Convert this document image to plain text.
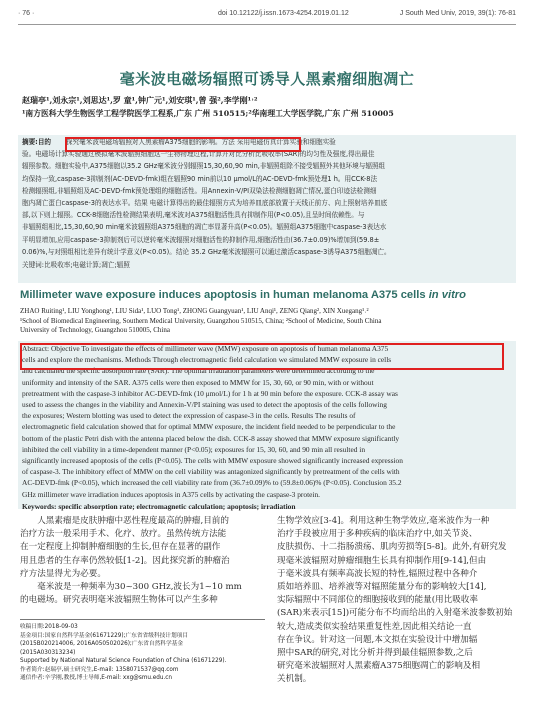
· 76 ·	doi 10.12122/j.issn.1673-4254.2019.01.12	J South Med Univ, 2019, 39(1): 76-81
毫米波电磁场辐照可诱导人黑素瘤细胞凋亡
赵瑞亭¹,刘永宗¹,刘思达¹,罗 童¹,钟广元¹,刘安琪¹,曾 强²,李学刚¹˒²
¹南方医科大学生物医学工程学院医学工程系,广东 广州 510515;²华南理工大学医学院,广东 广州 510005
摘要:目的	探究毫米波电磁场辐照对人黑素瘤A375细胞的影响。方法 采用电磁仿真计算实验和细胞实验
验。电磁场计算实验通过模拟毫米波辐照细胞这一生物物理过程,计算并对比分析比吸收率(SAR)的均匀性及强度,得出最佳
辐照参数。细胞实验中,A375细胞以35.2 GHz毫米波分别辐照15,30,60,90 min,非辐照组除不接受辐照外其他环境与辐照组
均保持一致,caspase-3抑制剂(AC-DEVD-fmk)组在辐照90 min前以10 μmol/L的AC-DEVD-fmk预处理1 h。用CCK-8法
检测辐照组,非辐照组及AC-DEVD-fmk预处理组的细胞活性。用Annexin-V/PI双染法检测细胞凋亡情况,蛋白印迹法检测细
胞内凋亡蛋白caspase-3的表达水平。结果 电磁计算得出的最佳辐照方式为培养皿底部放置于天线正前方、向上照射培养皿底
部,以下则上辐照。CCK-8细胞活性检测结果表明,毫米波对A375细胞活性具有抑制作用(P<0.05),且呈时间依赖性。与
非辐照组相比,15,30,60,90 min毫米波辐照组A375细胞的凋亡率显著升高(P<0.05)。辐照组A375细胞中caspase-3表达水
平明显增加,应用caspase-3抑制剂后可以逆转毫米波辐照对细胞活性的抑制作用,细胞活性由(36.7±0.09)%增加到(59.8±
0.06)%,与对照组相比差异有统计学意义(P<0.05)。结论 35.2 GHz毫米波辐照可以通过激活caspase-3诱导A375细胞凋亡。
关键词:比吸收率;电磁计算;凋亡;辐照
Millimeter wave exposure induces apoptosis in human melanoma A375 cells in vitro
ZHAO Ruiting¹, LIU Yonghong¹, LIU Sida¹, LUO Tong¹, ZHONG Guangyuan¹, LIU Anqi¹, ZENG Qiang², XIN Xuegang¹˒²
¹School of Biomedical Engineering, Southern Medical University, Guangzhou 510515, China; ²School of Medicine, South China
University of Technology, Guangzhou 510005, China
Abstract: Objective To investigate the effects of millimeter wave (MMW) exposure on apoptosis of human melanoma A375
cells and explore the mechanisms. Methods Through electromagnetic field calculation we simulated MMW exposure in cells
and calculated the specific absorption rate (SAR). The optimal irradiation parameters were determined according to the
uniformity and intensity of the SAR. A375 cells were then exposed to MMW for 15, 30, 60, or 90 min, with or without
pretreatment with the caspase-3 inhibitor AC-DEVD-fmk (10 μmol/L) for 1 h at 90 min before the exposure. CCK-8 assay was
used to assess the changes in the viability and Annexin-V/PI staining was used to detect the apoptosis of the cells following
the exposures; Western blotting was used to detect the expression of caspase-3 in the cells. Results The results of
electromagnetic field calculation showed that for optimal MMW exposure, the incident field needed to be perpendicular to the
bottom of the plastic Petri dish with the antenna placed below the dish. CCK-8 assay showed that MMW exposure significantly
inhibited the cell viability in a time-dependent manner (P<0.05); exposures for 15, 30, 60, and 90 min all resulted in
significantly increased apoptosis of the cells (P<0.05). The cells with MMW exposure showed significantly increased expression
of caspase-3. The inhibitory effect of MMW on the cell viability was antagonized significantly by pretreatment of the cells with
AC-DEVD-fmk (P<0.05), which increased the cell viability rate from (36.7±0.09)% to (59.8±0.06)% (P<0.05). Conclusion 35.2
GHz millimeter wave irradiation induces apoptosis in A375 cells by activating the caspase-3 protein.
Keywords: specific absorption rate; electromagnetic calculation; apoptosis; irradiation
　　人黑素瘤是皮肤肿瘤中恶性程度最高的肿瘤,目前的
治疗方法一般采用手术、化疗、放疗。虽然传统方法能
在一定程度上抑制肿瘤细胞的生长,但存在显著的副作
用且患者的生存率仍然较低[1-2]。因此探究新的肿瘤治
疗方法显得尤为必要。
　　毫米波是一种频率为30~300 GHz,波长为1~10 mm
的电磁场。研究表明毫米波辐照生物体可以产生多种
收稿日期:2018-09-03
基金项目:国家自然科学基金(61671229);广东省省级科技计划项目
(2015B020214006, 2016A050502026);广东省自然科学基金
(2015A030313234)
Supported by National Natural Science Foundation of China (61671229).
作者简介:赵瑞亭,硕士研究生,E-mail: 1358071537@qq.com
通信作者:辛学刚,教授,博士导师,E-mail: xxg@smu.edu.cn
生物学效应[3-4]。利用这种生物学效应,毫米波作为一种
治疗手段被应用于多种疾病的临床治疗中,如关节炎、
皮肤损伤、十二指肠溃疡、肌肉劳损等[5-8]。此外,有研究发
现毫米波辐照对肿瘤细胞生长具有抑制作用[9-14],但由
于毫米波具有频率高波长短的特性,辐照过程中各种介
质如培养皿、培养液等对辐照能量分布的影响较大[14],
实际辐照中不同部位的细胞接收到的能量(用比吸收率
(SAR)来表示[15])可能分布不均而给出的入射毫米波参数初始
较大,造成类似实验结果重复性差,因此相关结论一直
存在争议。针对这一问题,本文拟在实验设计中增加辐
照中SAR的研究,对比分析并得到最佳辐照参数,之后
研究毫米波辐照对人黑素瘤A375细胞凋亡的影响及相
关机制。
